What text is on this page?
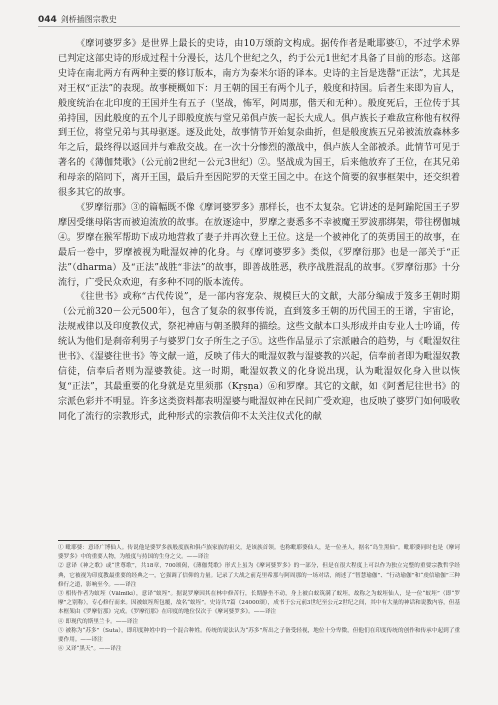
044 剑桥插图宗教史

《摩诃婆罗多》是世界上最长的史诗，由10万颂韵文构成。据传作者是毗耶婆①，不过学术界已判定这部史诗的形成过程十分漫长，达几个世纪之久，约于公元1世纪才具备了目前的形态。这部史诗在南北两方有两种主要的修订版本，南方为泰米尔语的译本。史诗的主旨是选罄“正法”，尤其是对王权“正法”的表现。故事梗概如下：月王朝的国王有两个儿子，般度和持国。后者生来即为盲人，般度统治在北印度的王国并生有五子（坚战，怖军，阿周那，偕天和无种）。般度死后，王位传于其弟持国，因此般度的五个儿子即般度族与堂兄弟俱卢族一起长大成人。俱卢族长子难敌宣称他有权得到王位，将堂兄弟与其母驱逐。逐及此处，故事情节开始复杂曲折，但是般度族五兄弟被流放森林多年之后，最终得以返回并与难敌交战。在一次十分惨烈的激战中，俱卢族人全部被杀。此情节可见于著名的《薄伽梵歌》（公元前2世纪－公元3世纪）②。坚战成为国王，后来他放弃了王位，在其兄弟和母亲的陪同下，离开王国，最后升至因陀罗的天堂王国之中。在这个简要的叙事框架中，还交织着很多其它的故事。

《罗摩衍那》③的篇幅既不像《摩诃婆罗多》那样长，也不太复杂。它讲述的是阿踰陀国王子罗摩因受继母陷害而被迫流放的故事。在放逐途中，罗摩之妻悉多不幸被魔王罗波那绑架，带往楞伽城④。罗摩在猴军帮助下成功地营救了妻子并再次登上王位。这是一个被神化了的英勇国王的故事，在最后一卷中，罗摩被视为毗湿奴神的化身。与《摩诃婆罗多》类似，《罗摩衍那》也是一部关于“正法”（dharma）及“正法”战胜“非法”的故事，即善战胜恶，秩序战胜混乱的故事。《罗摩衍那》十分流行，广受民众欢迎，有多种不同的版本流传。

《往世书》或称“古代传说”，是一部内容宠杂、规模巨大的文献，大部分编成于笈多王朝时期（公元前320－公元500年），包含了复杂的叙事传说，直到笈多王朝的历代国王的王谱，宇宙论，法规戒律以及印度教仪式，祭祀神庙与朝圣膜拜的描绘。这些文献本口头形成并由专业人士吟诵，传统认为他们是刹帝利男子与婆罗门女子所生之子⑤。这些作品显示了宗派融合的趋势，与《毗湿奴往世书》、《湿婆往世书》等文献一道，反映了伟大的毗湿奴教与湿婆教的兴起，信奉前者即为毗湿奴教信徒，信奉后者则为湿婆教徒。这一时期，毗湿奴教义的化身说出现，认为毗湿奴化身入世以恢复“正法”，其最重要的化身就是克里须那（Kṛṣṇa）⑥和罗摩。其它的文献，如《阿耆尼往世书》的宗派色彩并不明显。许多这类资料都表明湿婆与毗湿奴神在民间广受欢迎，也反映了婆罗门如何吸收同化了流行的宗教形式，此种形式的宗教信仰不太关注仪式化的献

① 毗耶婆：意译广博仙人。传说他是婆罗多族般度族和俱卢族家族的祖父，是该族首领。也称毗耶婆仙人，是一位圣人，据名“岛生黑仙”。毗耶婆同时也是《摩诃婆罗多》中的重要人物，为般度与持国的生身之父。——译注

② 意译《神之歌》或“世尊歌”，共18章，700颂偈，《薄伽梵歌》形式上虽为《摩诃婆罗多》的一部分，但是在很大程度上可以作为独立完整的重要宗教哲学经典，它被视为印度教最重要的经典之一，它强调了信仰的力量。记录了大战之前克里希那与阿周那的一场对话，阐述了“智慧瑜伽”、“行动瑜伽”和“虔信瑜伽”三种修行之道，影响至今。——译注

③ 相传作者为蚁垤（Vālmīki），意译“蚁垤”。据说罗摩因其在林中修苦行，长期静坐不动，身上被白蚁筑满了蚁垤，故称之为蚁垤仙人，是一位“蚁垤”（即“罗摩”之别称），专心修行而来。因被蚁垤所包覆，故名“蚁垤”。史诗共7篇（24000颂），成书于公元前3世纪至公元2世纪之间，其中有大量的神话和说教内容，但基本框架由《罗摩衍那》完成。《罗摩衍那》在印度的地位仅次于《摩诃婆罗多》。——译注

④ 即现代的斯里兰卡。——译注

⑤ 被称为“苏多”（Suta），即印度种姓中的一个混合种姓。传统的说法认为“苏多”所出之子备受轻视，地位十分卑微，但他们在印度传统的创作和传承中起到了重要作用。——译注

⑥ 又译“黑天”。——译注
